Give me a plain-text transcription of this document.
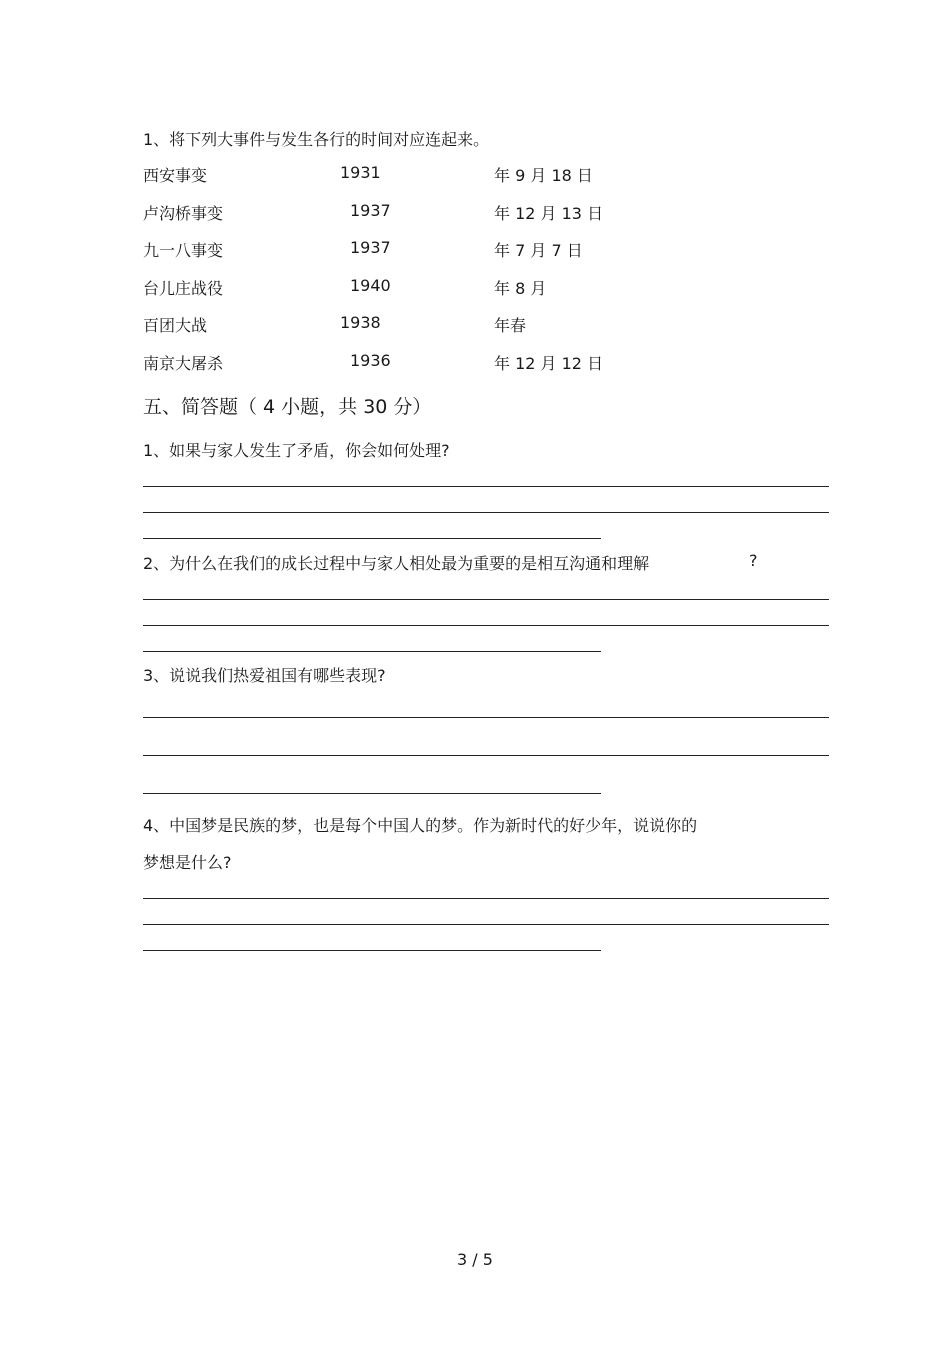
1、将下列大事件与发生各行的时间对应连起来。
西安事变	1931	年 9 月 18 日
卢沟桥事变	1937	年 12 月 13 日
九一八事变	1937	年 7 月 7 日
台儿庄战役	1940	年 8 月
百团大战	1938	年春
南京大屠杀	1936	年 12 月 12 日
五、简答题（ 4 小题，共 30 分）
1、如果与家人发生了矛盾，你会如何处理?
2、为什么在我们的成长过程中与家人相处最为重要的是相互沟通和理解	?
3、说说我们热爱祖国有哪些表现?
4、中国梦是民族的梦，也是每个中国人的梦。作为新时代的好少年，说说你的
梦想是什么?
3 / 5
